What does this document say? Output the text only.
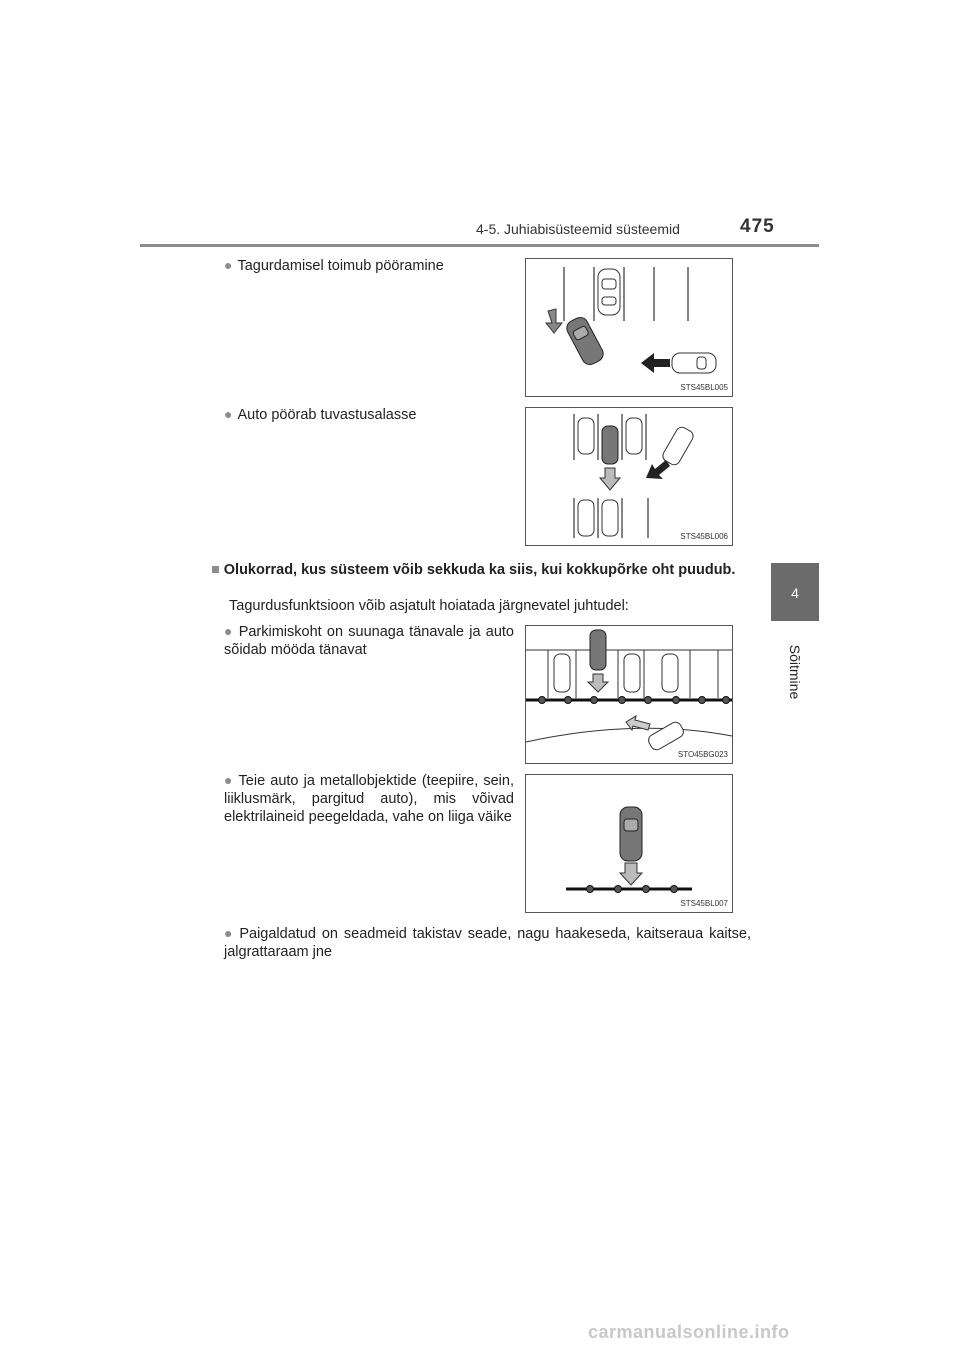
4-5. Juhiabisüsteemid süsteemid	475
4
Sõitmine
● Tagurdamisel toimub pööramine
STS45BL005
● Auto pöörab tuvastusalasse
STS45BL006
■ Olukorrad, kus süsteem võib sekkuda ka siis, kui kokkupõrke oht puudub.
Tagurdusfunktsioon võib asjatult hoiatada järgnevatel juhtudel:
● Parkimiskoht on suunaga tänavale ja auto sõidab mööda tänavat
STO45BG023
● Teie auto ja metallobjektide (teepiire, sein, liiklusmärk, pargitud auto), mis võivad elektrilaineid peegeldada, vahe on liiga väike
STS45BL007
● Paigaldatud on seadmeid takistav seade, nagu haakeseda, kaitseraua kaitse, jalgrattaraam jne
carmanualsonline.info
